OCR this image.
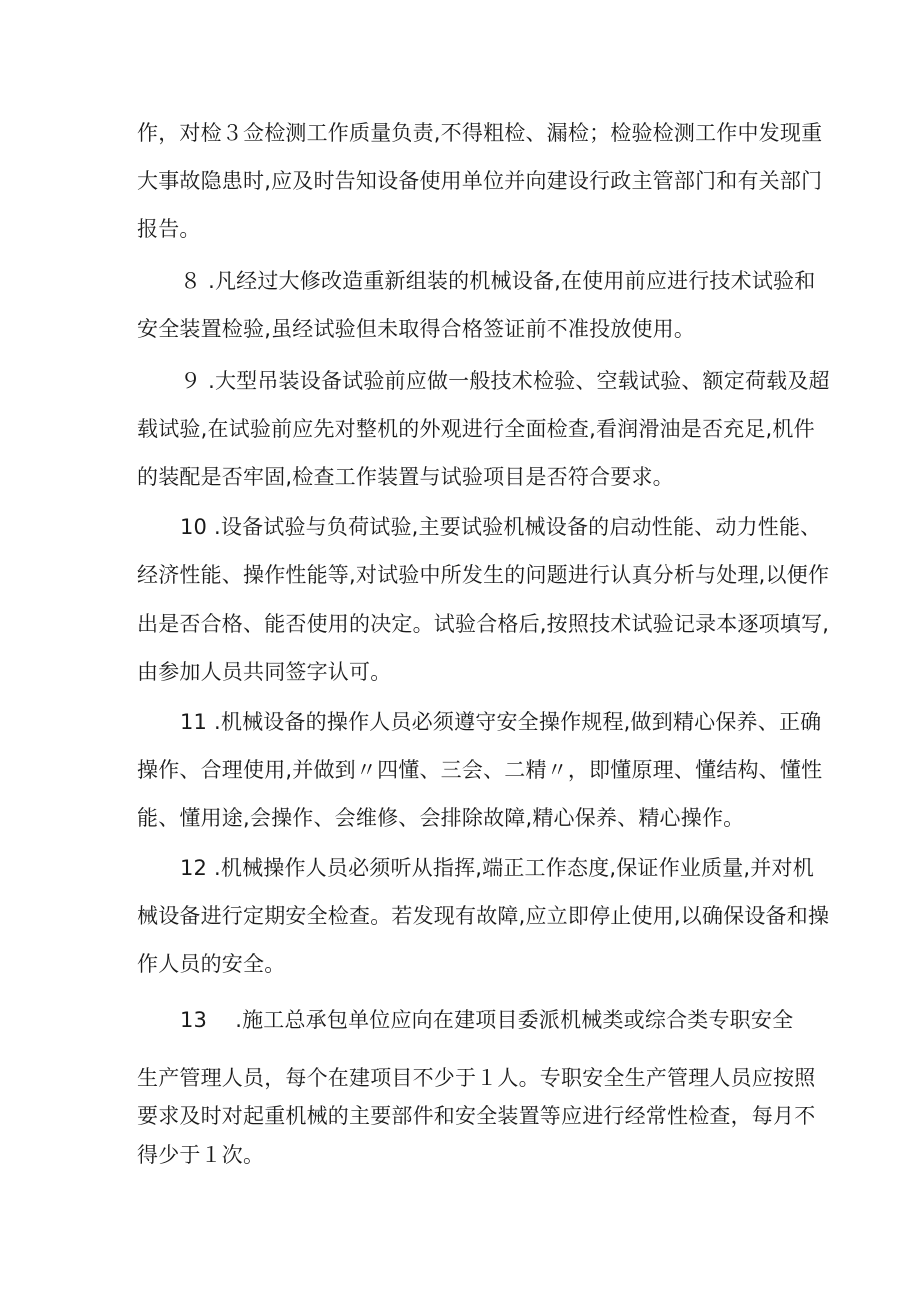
作，对检３佥检测工作质量负责,不得粗检、漏检；检验检测工作中发现重
大事故隐患时,应及时告知设备使用单位并向建设行政主管部门和有关部门
报告。
８ .凡经过大修改造重新组装的机械设备,在使用前应进行技术试验和
安全装置检验,虽经试验但未取得合格签证前不准投放使用。
９ .大型吊装设备试验前应做一般技术检验、空载试验、额定荷载及超
载试验,在试验前应先对整机的外观进行全面检查,看润滑油是否充足,机件
的装配是否牢固,检查工作装置与试验项目是否符合要求。
10 .设备试验与负荷试验,主要试验机械设备的启动性能、动力性能、
经济性能、操作性能等,对试验中所发生的问题进行认真分析与处理,以便作
出是否合格、能否使用的决定。试验合格后,按照技术试验记录本逐项填写,
由参加人员共同签字认可。
11 .机械设备的操作人员必须遵守安全操作规程,做到精心保养、正确
操作、合理使用,并做到〃四懂、三会、二精〃，即懂原理、懂结构、懂性
能、懂用途,会操作、会维修、会排除故障,精心保养、精心操作。
12 .机械操作人员必须听从指挥,端正工作态度,保证作业质量,并对机
械设备进行定期安全检查。若发现有故障,应立即停止使用,以确保设备和操
作人员的安全。
13　 .施工总承包单位应向在建项目委派机械类或综合类专职安全
生产管理人员，每个在建项目不少于１人。专职安全生产管理人员应按照
要求及时对起重机械的主要部件和安全装置等应进行经常性检查，每月不
得少于１次。
